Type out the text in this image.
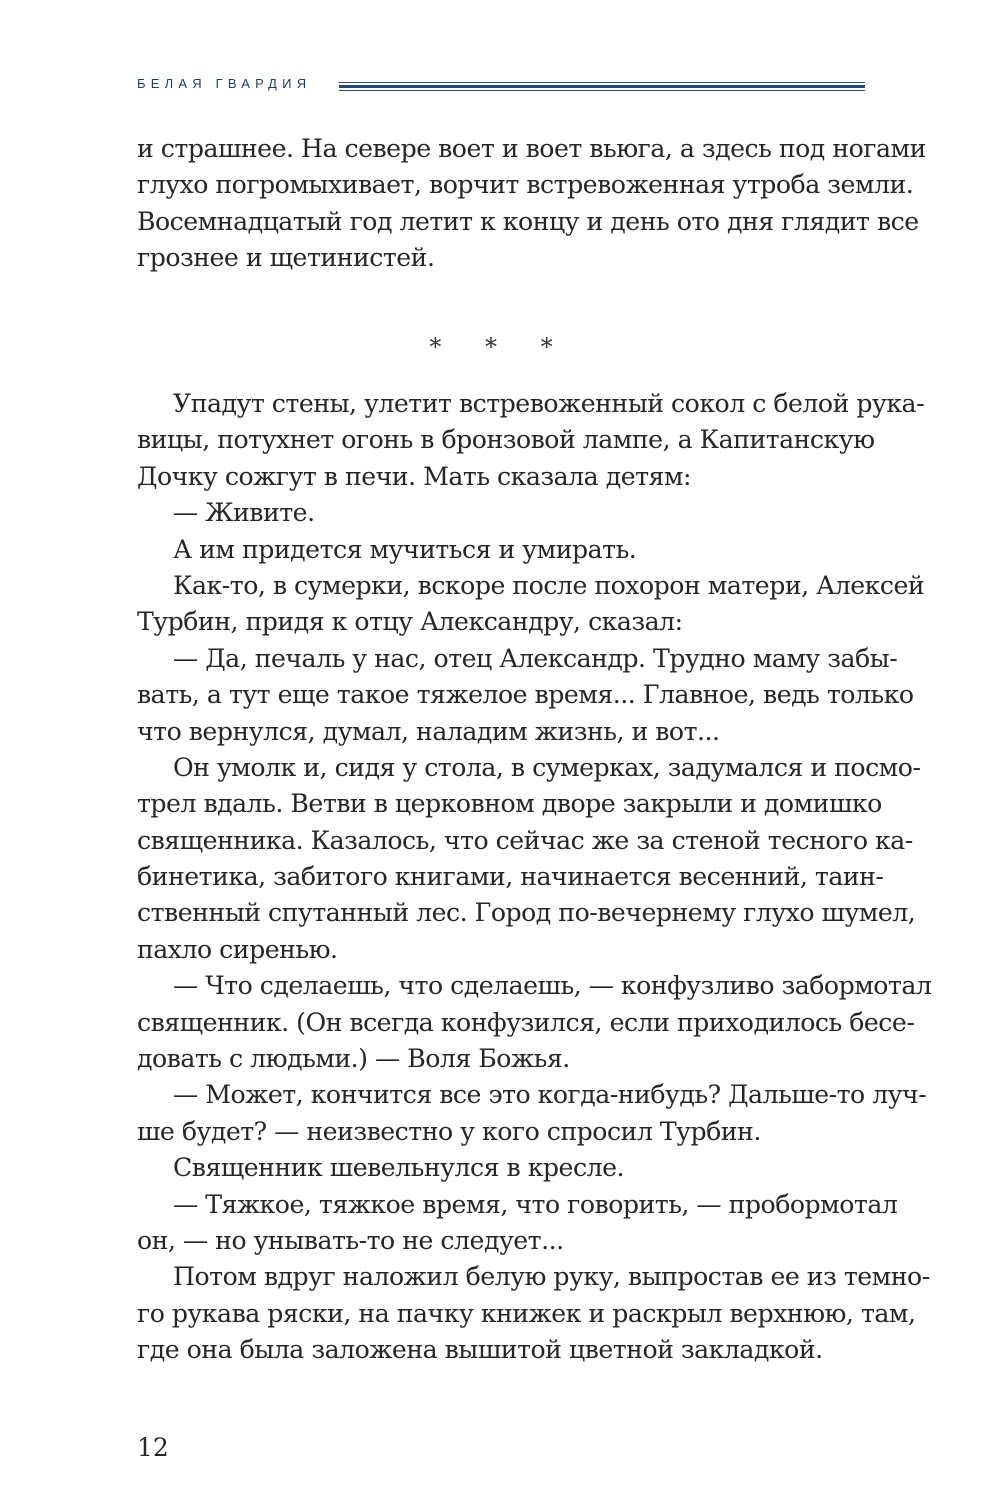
БЕЛАЯ ГВАРДИЯ
и страшнее. На севере воет и воет вьюга, а здесь под ногами
глухо погромыхивает, ворчит встревоженная утроба земли.
Восемнадцатый год летит к концу и день ото дня глядит все
грознее и щетинистей.
* * *
Упадут стены, улетит встревоженный сокол с белой рука-
вицы, потухнет огонь в бронзовой лампе, а Капитанскую
Дочку сожгут в печи. Мать сказала детям:
— Живите.
А им придется мучиться и умирать.
Как-то, в сумерки, вскоре после похорон матери, Алексей
Турбин, придя к отцу Александру, сказал:
— Да, печаль у нас, отец Александр. Трудно маму забы-
вать, а тут еще такое тяжелое время... Главное, ведь только
что вернулся, думал, наладим жизнь, и вот...
Он умолк и, сидя у стола, в сумерках, задумался и посмо-
трел вдаль. Ветви в церковном дворе закрыли и домишко
священника. Казалось, что сейчас же за стеной тесного ка-
бинетика, забитого книгами, начинается весенний, таин-
ственный спутанный лес. Город по-вечернему глухо шумел,
пахло сиренью.
— Что сделаешь, что сделаешь, — конфузливо забормотал
священник. (Он всегда конфузился, если приходилось бесе-
довать с людьми.) — Воля Божья.
— Может, кончится все это когда-нибудь? Дальше-то луч-
ше будет? — неизвестно у кого спросил Турбин.
Священник шевельнулся в кресле.
— Тяжкое, тяжкое время, что говорить, — пробормотал
он, — но унывать-то не следует...
Потом вдруг наложил белую руку, выпростав ее из темно-
го рукава ряски, на пачку книжек и раскрыл верхнюю, там,
где она была заложена вышитой цветной закладкой.
12
